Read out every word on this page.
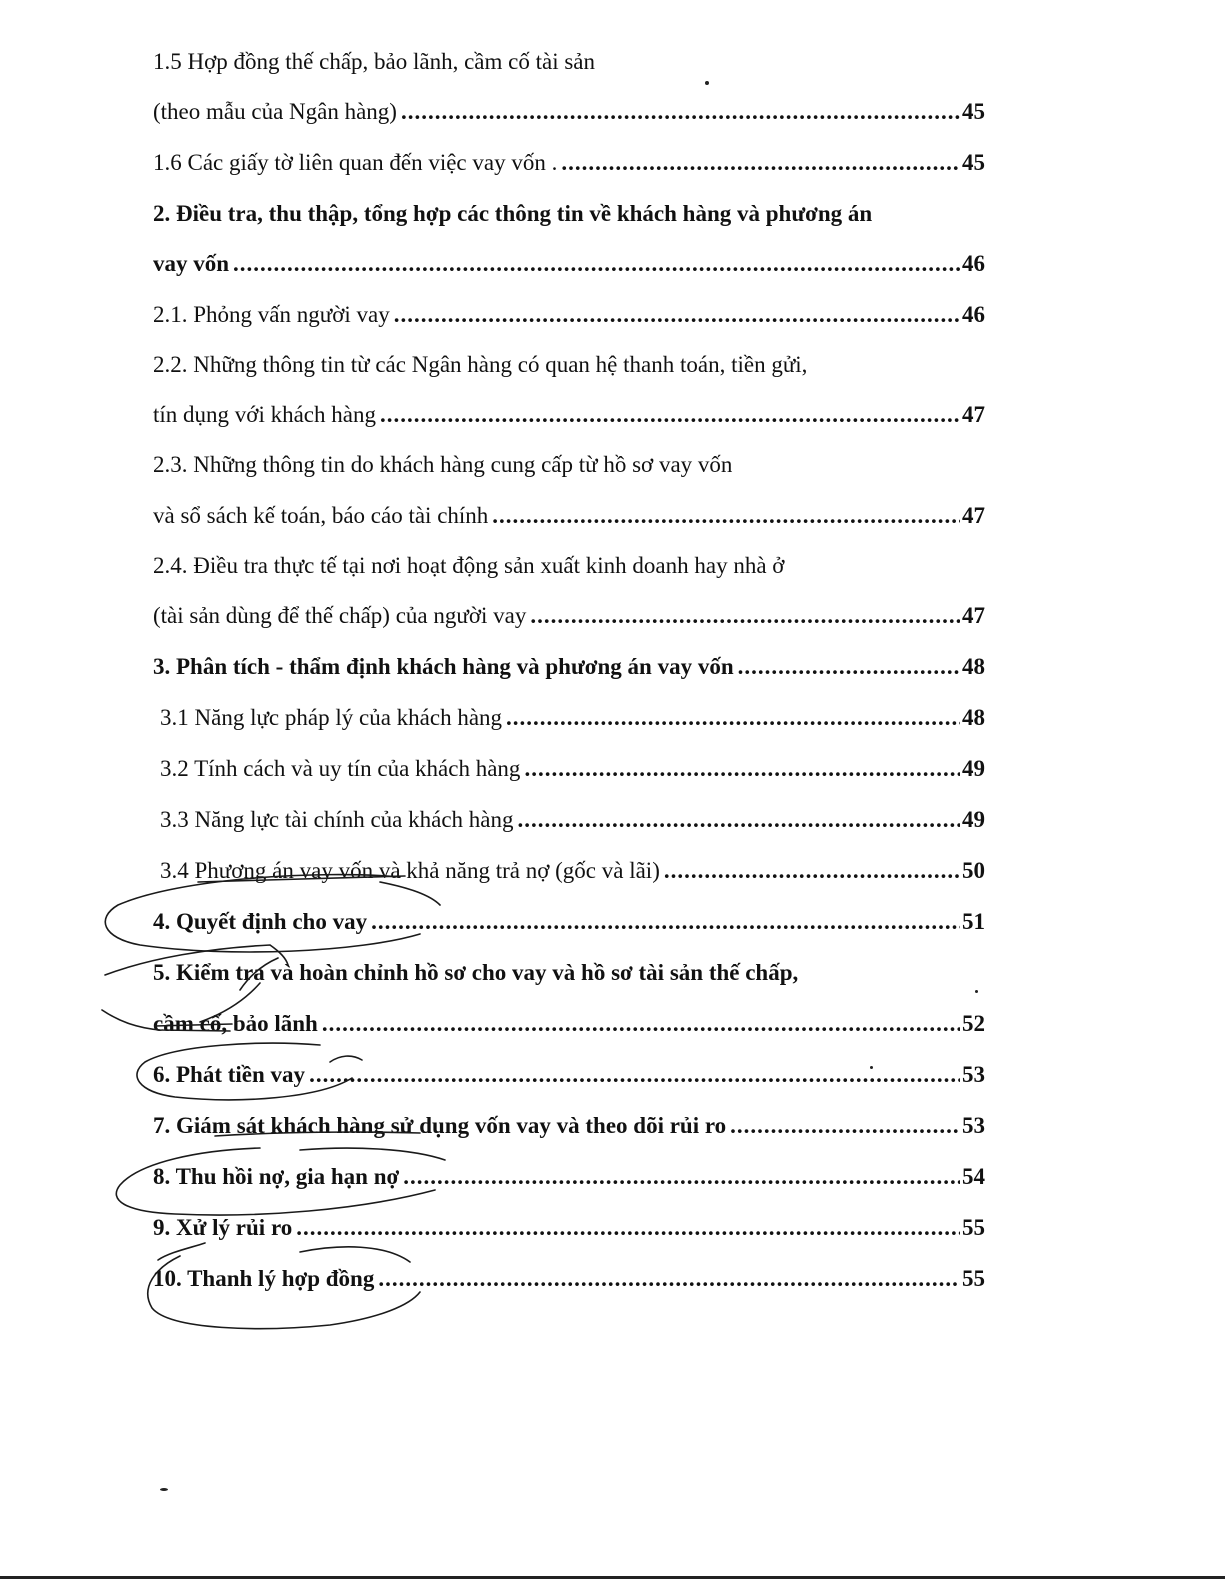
1.5 Hợp đồng thế chấp, bảo lãnh, cầm cố tài sản
(theo mẫu của Ngân hàng) .....	45
1.6 Các giấy tờ liên quan đến việc vay vốn . .....	45
2. Điều tra, thu thập, tổng hợp các thông tin về khách hàng và phương án
vay vốn .....	46
2.1. Phỏng vấn người vay .....	46
2.2. Những thông tin từ các Ngân hàng có quan hệ thanh toán, tiền gửi,
tín dụng với khách hàng .....	47
2.3. Những thông tin do khách hàng cung cấp từ hồ sơ vay vốn
và sổ sách kế toán, báo cáo tài chính .....	47
2.4. Điều tra thực tế tại nơi hoạt động sản xuất kinh doanh hay nhà ở
(tài sản dùng để thế chấp) của người vay .....	47
3. Phân tích - thẩm định khách hàng và phương án vay vốn .....	48
3.1 Năng lực pháp lý của khách hàng .....	48
3.2 Tính cách và uy tín của khách hàng .....	49
3.3 Năng lực tài chính của khách hàng .....	49
3.4 Phương án vay vốn và khả năng trả nợ (gốc và lãi) .....	50
4. Quyết định cho vay .....	51
5. Kiểm tra và hoàn chỉnh hồ sơ cho vay và hồ sơ tài sản thế chấp,
cầm cố, bảo lãnh .....	52
6. Phát tiền vay .....	53
7. Giám sát khách hàng sử dụng vốn vay và theo dõi rủi ro .....	53
8. Thu hồi nợ, gia hạn nợ .....	54
9. Xử lý rủi ro .....	55
10. Thanh lý hợp đồng .....	55
